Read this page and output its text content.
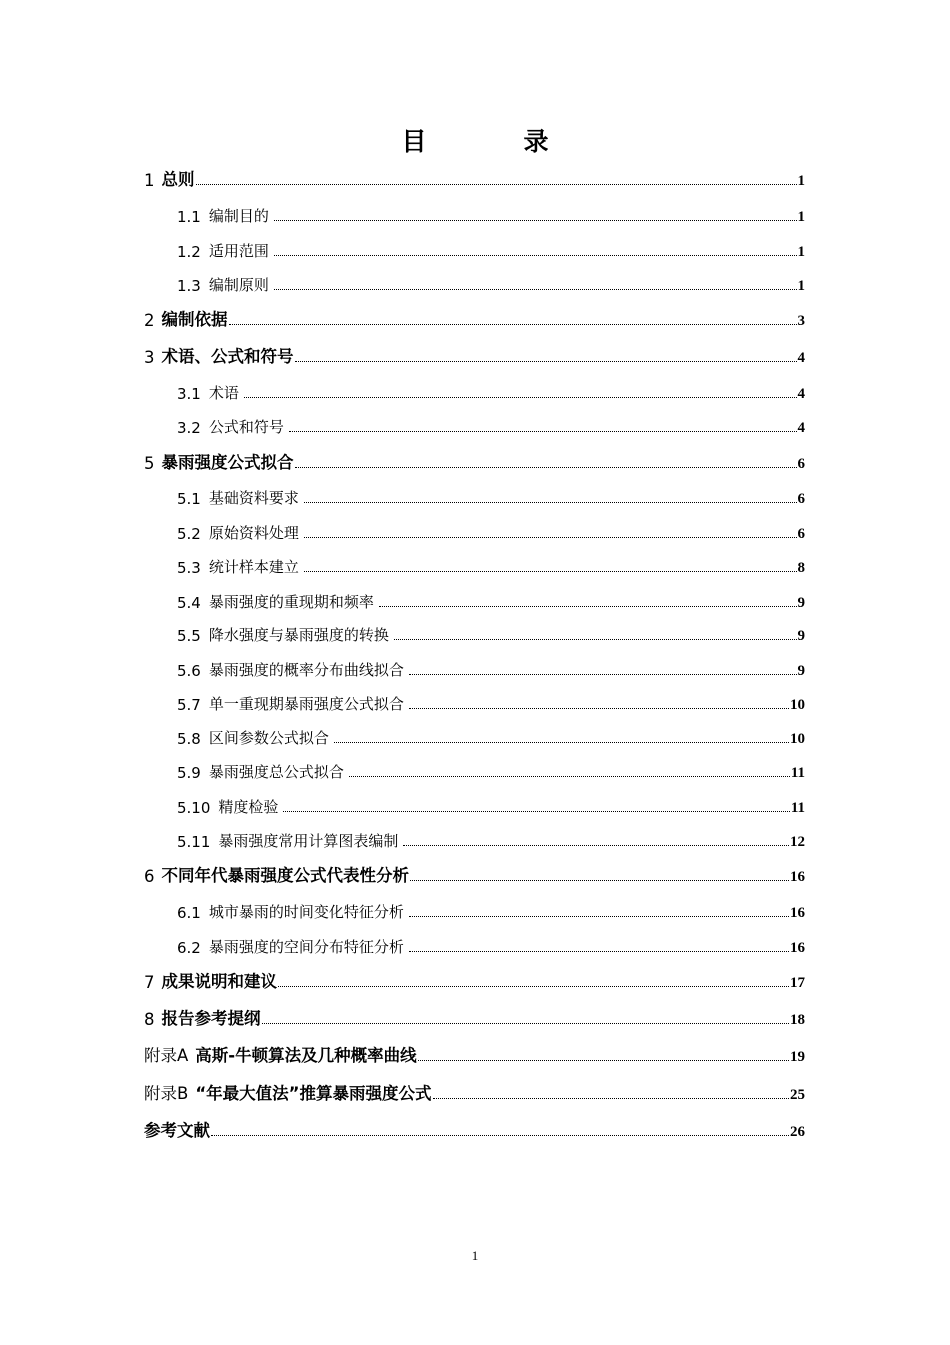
目　录
1 总则	1
1.1 编制目的	1
1.2 适用范围	1
1.3 编制原则	1
2 编制依据	3
3 术语、公式和符号	4
3.1 术语	4
3.2 公式和符号	4
5 暴雨强度公式拟合	6
5.1 基础资料要求	6
5.2 原始资料处理	6
5.3 统计样本建立	8
5.4 暴雨强度的重现期和频率	9
5.5 降水强度与暴雨强度的转换	9
5.6 暴雨强度的概率分布曲线拟合	9
5.7 单一重现期暴雨强度公式拟合	10
5.8 区间参数公式拟合	10
5.9 暴雨强度总公式拟合	11
5.10 精度检验	11
5.11 暴雨强度常用计算图表编制	12
6 不同年代暴雨强度公式代表性分析	16
6.1 城市暴雨的时间变化特征分析	16
6.2 暴雨强度的空间分布特征分析	16
7 成果说明和建议	17
8 报告参考提纲	18
附录A 高斯-牛顿算法及几种概率曲线	19
附录B “年最大值法”推算暴雨强度公式	25
参考文献	26
1
